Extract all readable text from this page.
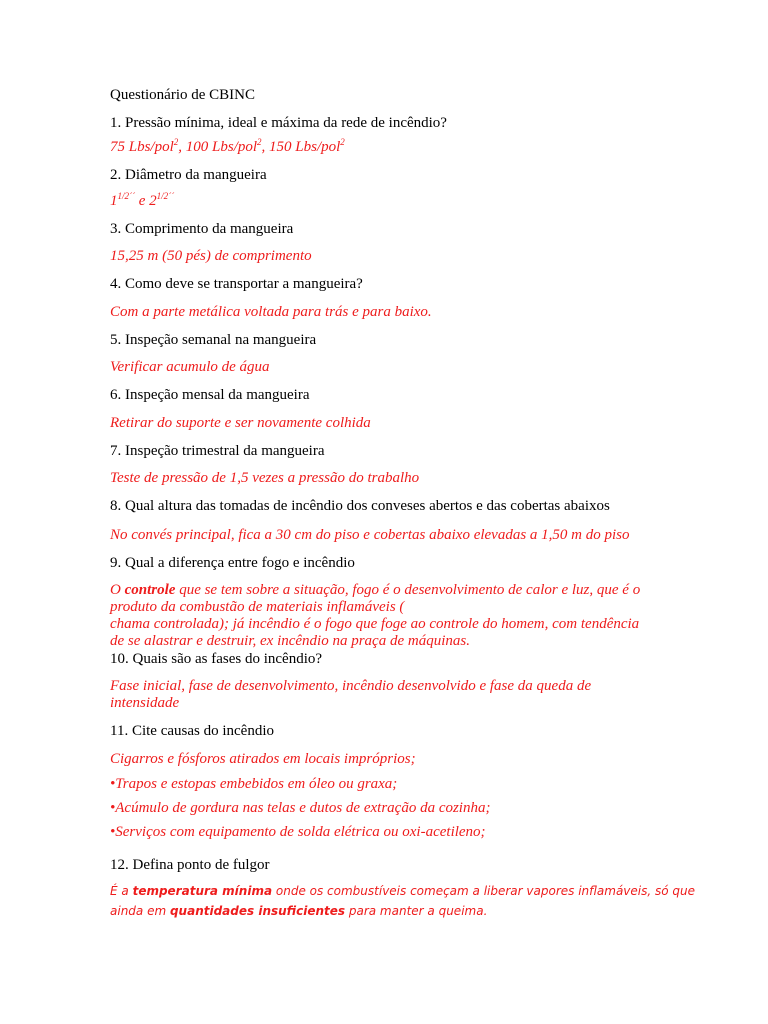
Questionário de CBINC
1. Pressão mínima, ideal e máxima da rede de incêndio?
75 Lbs/pol$^2$, 100 Lbs/pol$^2$, 150 Lbs/pol$^2$
2. Diâmetro da mangueira
$1^{1/2´´}$ e $2^{1/2´´}$
3. Comprimento da mangueira
15,25 m (50 pés) de comprimento
4. Como deve se transportar a mangueira?
Com a parte metálica voltada para trás e para baixo.
5. Inspeção semanal na mangueira
Verificar acumulo de água
6. Inspeção mensal da mangueira
Retirar do suporte e ser novamente colhida
7. Inspeção trimestral da mangueira
Teste de pressão de 1,5 vezes a pressão do trabalho
8. Qual altura das tomadas de incêndio dos conveses abertos e das cobertas abaixos
No convés principal, fica a 30 cm do piso e cobertas abaixo elevadas a 1,50 m do piso
9. Qual a diferença entre fogo e incêndio
O controle que se tem sobre a situação, fogo é o desenvolvimento de calor e luz, que é o
produto da combustão de materiais inflamáveis (
chama controlada); já incêndio é o fogo que foge ao controle do homem, com tendência
de se alastrar e destruir, ex incêndio na praça de máquinas.
10. Quais são as fases do incêndio?
Fase inicial, fase de desenvolvimento, incêndio desenvolvido e fase da queda de
intensidade
11. Cite causas do incêndio
Cigarros e fósforos atirados em locais impróprios;
•Trapos e estopas embebidos em óleo ou graxa;
•Acúmulo de gordura nas telas e dutos de extração da cozinha;
•Serviços com equipamento de solda elétrica ou oxi-acetileno;
12. Defina ponto de fulgor
É a temperatura mínima onde os combustíveis começam a liberar vapores inflamáveis, só que
ainda em quantidades insuficientes para manter a queima.
